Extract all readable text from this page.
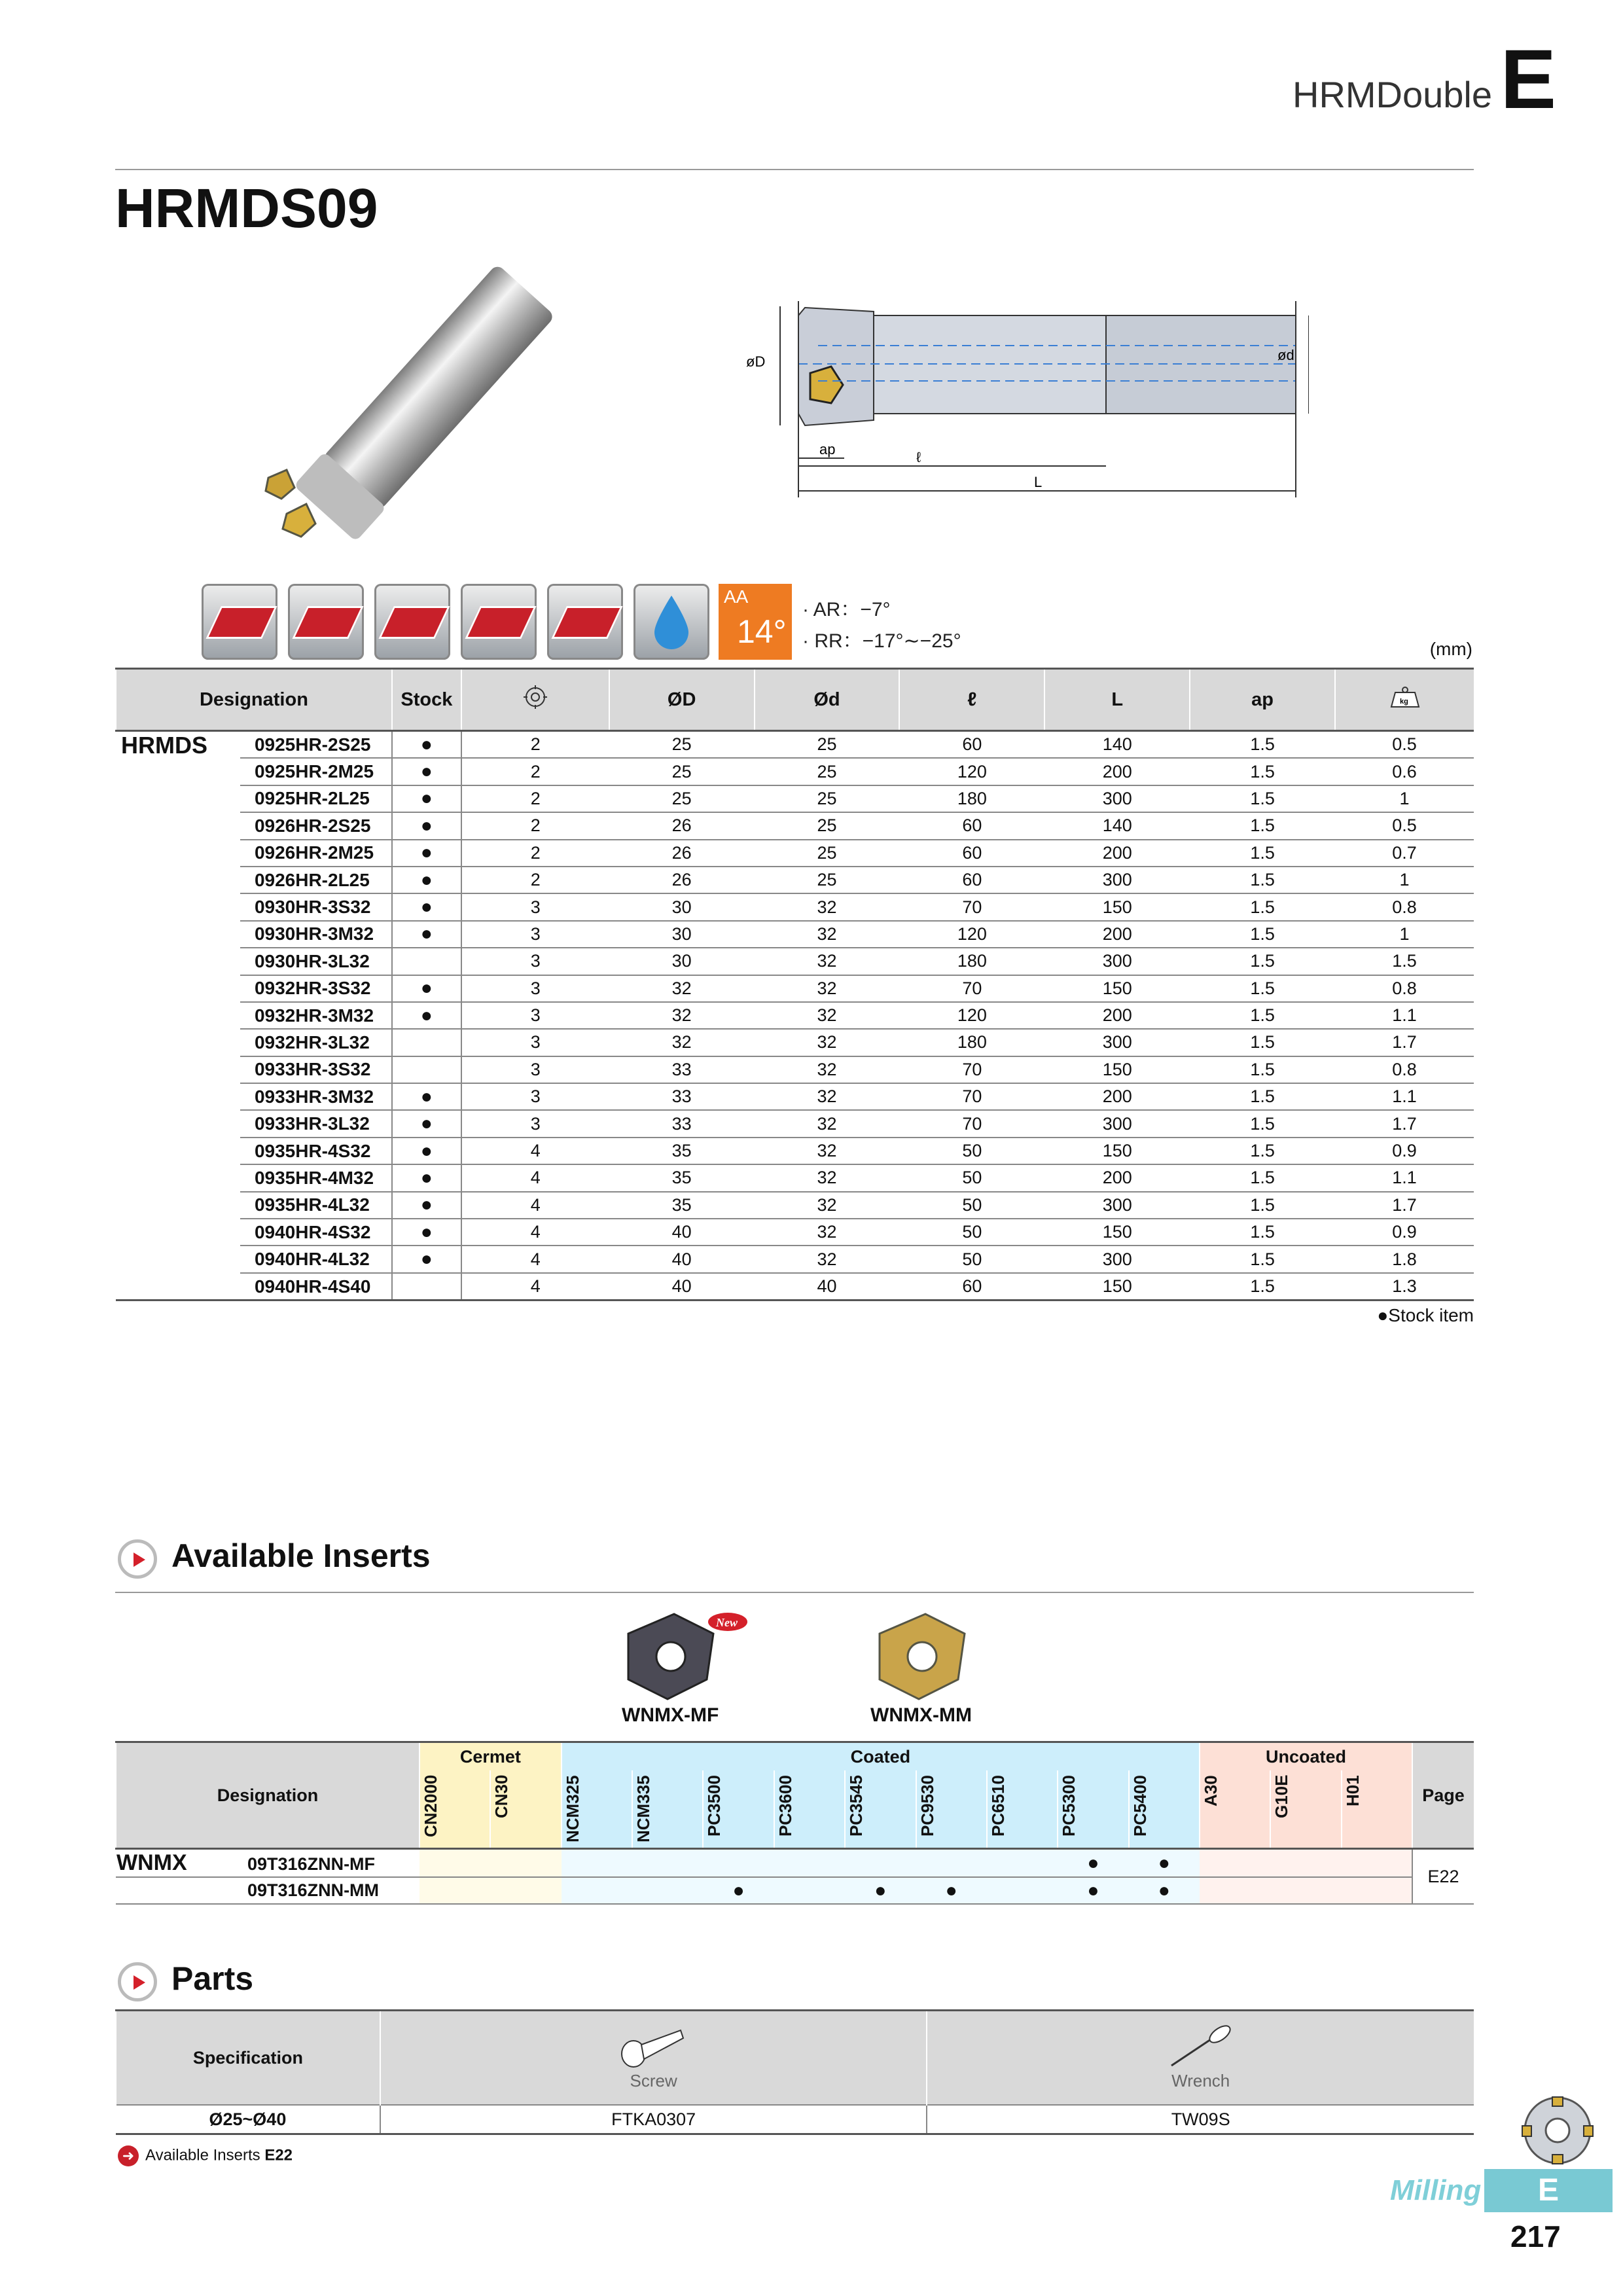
HRMDouble E
HRMDS09
øD	ød
ap	ℓ
L
AA
14°
· AR：−7°
· RR：−17°∼−25°	(mm)
Designation		Stock		ØD	Ød	ℓ	L	ap	kg

HRMDS	0925HR-2S25	●	2	25	25	60	140	1.5	0.5
	0925HR-2M25	●	2	25	25	120	200	1.5	0.6
	0925HR-2L25	●	2	25	25	180	300	1.5	1
	0926HR-2S25	●	2	26	25	60	140	1.5	0.5
	0926HR-2M25	●	2	26	25	60	200	1.5	0.7
	0926HR-2L25	●	2	26	25	60	300	1.5	1
	0930HR-3S32	●	3	30	32	70	150	1.5	0.8
	0930HR-3M32	●	3	30	32	120	200	1.5	1
	0930HR-3L32		3	30	32	180	300	1.5	1.5
	0932HR-3S32	●	3	32	32	70	150	1.5	0.8
	0932HR-3M32	●	3	32	32	120	200	1.5	1.1
	0932HR-3L32		3	32	32	180	300	1.5	1.7
	0933HR-3S32		3	33	32	70	150	1.5	0.8
	0933HR-3M32	●	3	33	32	70	200	1.5	1.1
	0933HR-3L32	●	3	33	32	70	300	1.5	1.7
	0935HR-4S32	●	4	35	32	50	150	1.5	0.9
	0935HR-4M32	●	4	35	32	50	200	1.5	1.1
	0935HR-4L32	●	4	35	32	50	300	1.5	1.7
	0940HR-4S32	●	4	40	32	50	150	1.5	0.9
	0940HR-4L32	●	4	40	32	50	300	1.5	1.8
	0940HR-4S40		4	40	40	60	150	1.5	1.3
●Stock item
Available Inserts
New
WNMX-MF	WNMX-MM
Designation	Cermet		Coated									Uncoated			Page

	CN2000	CN30	NCM325	NCM335	PC3500	PC3600	PC3545	PC9530	PC6510	PC5300	PC5400	A30	G10E	H01	

WNMX 09T316ZNN-MF										●	●				E22
09T316ZNN-MM					●		●	●		●	●				
Parts
Specification	Screw	Wrench

Ø25~Ø40	FTKA0307	TW09S
➜ Available Inserts E22
Milling	E
217
